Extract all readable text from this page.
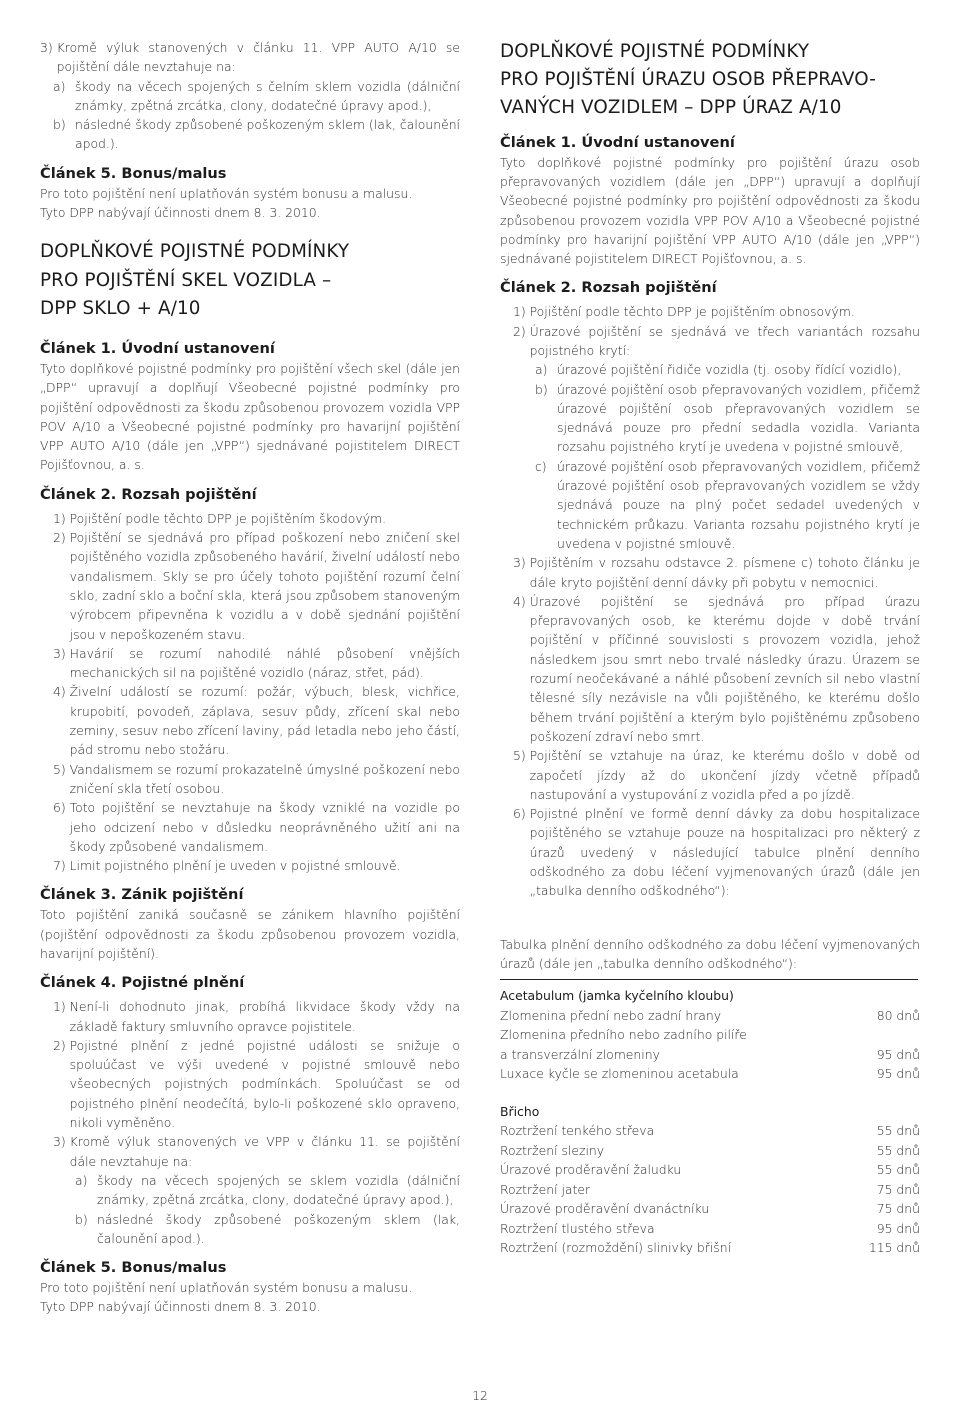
3) Kromě výluk stanovených v článku 11. VPP AUTO A/10 se pojištění dále nevztahuje na:
a) škody na věcech spojených s čelním sklem vozidla (dálniční známky, zpětná zrcátka, clony, dodatečné úpravy apod.),
b) následné škody způsobené poškozeným sklem (lak, čalounění apod.).
Článek 5. Bonus/malus

Pro toto pojištění není uplatňován systém bonusu a malusu.

Tyto DPP nabývají účinnosti dnem 8. 3. 2010.

DOPLŇKOVÉ POJISTNÉ PODMÍNKY
PRO POJIŠTĚNÍ SKEL VOZIDLA –
DPP SKLO + A/10
Článek 1. Úvodní ustanovení

Tyto doplňkové pojistné podmínky pro pojištění všech skel (dále jen „DPP“ upravují a doplňují Všeobecné pojistné podmínky pro pojištění odpovědnosti za škodu způsobenou provozem vozidla VPP POV A/10 a Všeobecné pojistné podmínky pro havarijní pojištění VPP AUTO A/10 (dále jen „VPP“) sjednávané pojistitelem DIRECT Pojišťovnou, a. s.

Článek 2. Rozsah pojištění
1) Pojištění podle těchto DPP je pojištěním škodovým.
2) Pojištění se sjednává pro případ poškození nebo zničení skel pojištěného vozidla způsobeného havárií, živelní událostí nebo vandalismem. Skly se pro účely tohoto pojištění rozumí čelní sklo, zadní sklo a boční skla, která jsou způsobem stanoveným výrobcem připevněna k vozidlu a v době sjednání pojištění jsou v nepoškozeném stavu.
3) Havárií se rozumí nahodilé náhlé působení vnějších mechanických sil na pojištěné vozidlo (náraz, střet, pád).
4) Živelní událostí se rozumí: požár, výbuch, blesk, vichřice, krupobití, povodeň, záplava, sesuv půdy, zřícení skal nebo zeminy, sesuv nebo zřícení laviny, pád letadla nebo jeho částí, pád stromu nebo stožáru.
5) Vandalismem se rozumí prokazatelně úmyslné poškození nebo zničení skla třetí osobou.
6) Toto pojištění se nevztahuje na škody vzniklé na vozidle po jeho odcizení nebo v důsledku neoprávněného užití ani na škody způsobené vandalismem.
7) Limit pojistného plnění je uveden v pojistné smlouvě.
Článek 3. Zánik pojištění

Toto pojištění zaniká současně se zánikem hlavního pojištění (pojištění odpovědnosti za škodu způsobenou provozem vozidla, havarijní pojištění).

Článek 4. Pojistné plnění
1) Není-li dohodnuto jinak, probíhá likvidace škody vždy na základě faktury smluvního opravce pojistitele.
2) Pojistné plnění z jedné pojistné události se snižuje o spoluúčast ve výši uvedené v pojistné smlouvě nebo všeobecných pojistných podmínkách. Spoluúčast se od pojistného plnění neodečítá, bylo-li poškozené sklo opraveno, nikoli vyměněno.
3) Kromě výluk stanovených ve VPP v článku 11. se pojištění dále nevztahuje na:
a) škody na věcech spojených se sklem vozidla (dálniční známky, zpětná zrcátka, clony, dodatečné úpravy apod.),
b) následné škody způsobené poškozeným sklem (lak, čalounění apod.).
Článek 5. Bonus/malus

Pro toto pojištění není uplatňován systém bonusu a malusu.

Tyto DPP nabývají účinnosti dnem 8. 3. 2010.

DOPLŇKOVÉ POJISTNÉ PODMÍNKY
PRO POJIŠTĚNÍ ÚRAZU OSOB PŘEPRAVO-
VANÝCH VOZIDLEM – DPP ÚRAZ A/10
Článek 1. Úvodní ustanovení

Tyto doplňkové pojistné podmínky pro pojištění úrazu osob přepravovaných vozidlem (dále jen „DPP“) upravují a doplňují Všeobecné pojistné podmínky pro pojištění odpovědnosti za škodu způsobenou provozem vozidla VPP POV A/10 a Všeobecné pojistné podmínky pro havarijní pojištění VPP AUTO A/10 (dále jen „VPP“) sjednávané pojistitelem DIRECT Pojišťovnou, a. s.

Článek 2. Rozsah pojištění
1) Pojištění podle těchto DPP je pojištěním obnosovým.
2) Úrazové pojištění se sjednává ve třech variantách rozsahu pojistného krytí:
a) úrazové pojištění řidiče vozidla (tj. osoby řídící vozidlo),
b) úrazové pojištění osob přepravovaných vozidlem, přičemž úrazové pojištění osob přepravovaných vozidlem se sjednává pouze pro přední sedadla vozidla. Varianta rozsahu pojistného krytí je uvedena v pojistné smlouvě,
c) úrazové pojištění osob přepravovaných vozidlem, přičemž úrazové pojištění osob přepravovaných vozidlem se vždy sjednává pouze na plný počet sedadel uvedených v technickém průkazu. Varianta rozsahu pojistného krytí je uvedena v pojistné smlouvě.
3) Pojištěním v rozsahu odstavce 2. písmene c) tohoto článku je dále kryto pojištění denní dávky při pobytu v nemocnici.
4) Úrazové pojištění se sjednává pro případ úrazu přepravovaných osob, ke kterému dojde v době trvání pojištění v příčinné souvislosti s provozem vozidla, jehož následkem jsou smrt nebo trvalé následky úrazu. Úrazem se rozumí neočekávané a náhlé působení zevních sil nebo vlastní tělesné síly nezávisle na vůli pojištěného, ke kterému došlo během trvání pojištění a kterým bylo pojištěnému způsobeno poškození zdraví nebo smrt.
5) Pojištění se vztahuje na úraz, ke kterému došlo v době od započetí jízdy až do ukončení jízdy včetně případů nastupování a vystupování z vozidla před a po jízdě.
6) Pojistné plnění ve formě denní dávky za dobu hospitalizace pojištěného se vztahuje pouze na hospitalizaci pro některý z úrazů uvedený v následující tabulce plnění denního odškodného za dobu léčení vyjmenovaných úrazů (dále jen „tabulka denního odškodného“):

Tabulka plnění denního odškodného za dobu léčení vyjmenovaných úrazů (dále jen „tabulka denního odškodného“):

Acetabulum (jamka kyčelního kloubu)
Zlomenina přední nebo zadní hrany	80 dnů
Zlomenina předního nebo zadního pilíře
a transverzální zlomeniny	95 dnů
Luxace kyčle se zlomeninou acetabula	95 dnů
Břicho
Roztržení tenkého střeva	55 dnů
Roztržení sleziny	55 dnů
Úrazové proděravění žaludku	55 dnů
Roztržení jater	75 dnů
Úrazové proděravění dvanáctníku	75 dnů
Roztržení tlustého střeva	95 dnů
Roztržení (rozmoždění) slinivky břišní	115 dnů
12
